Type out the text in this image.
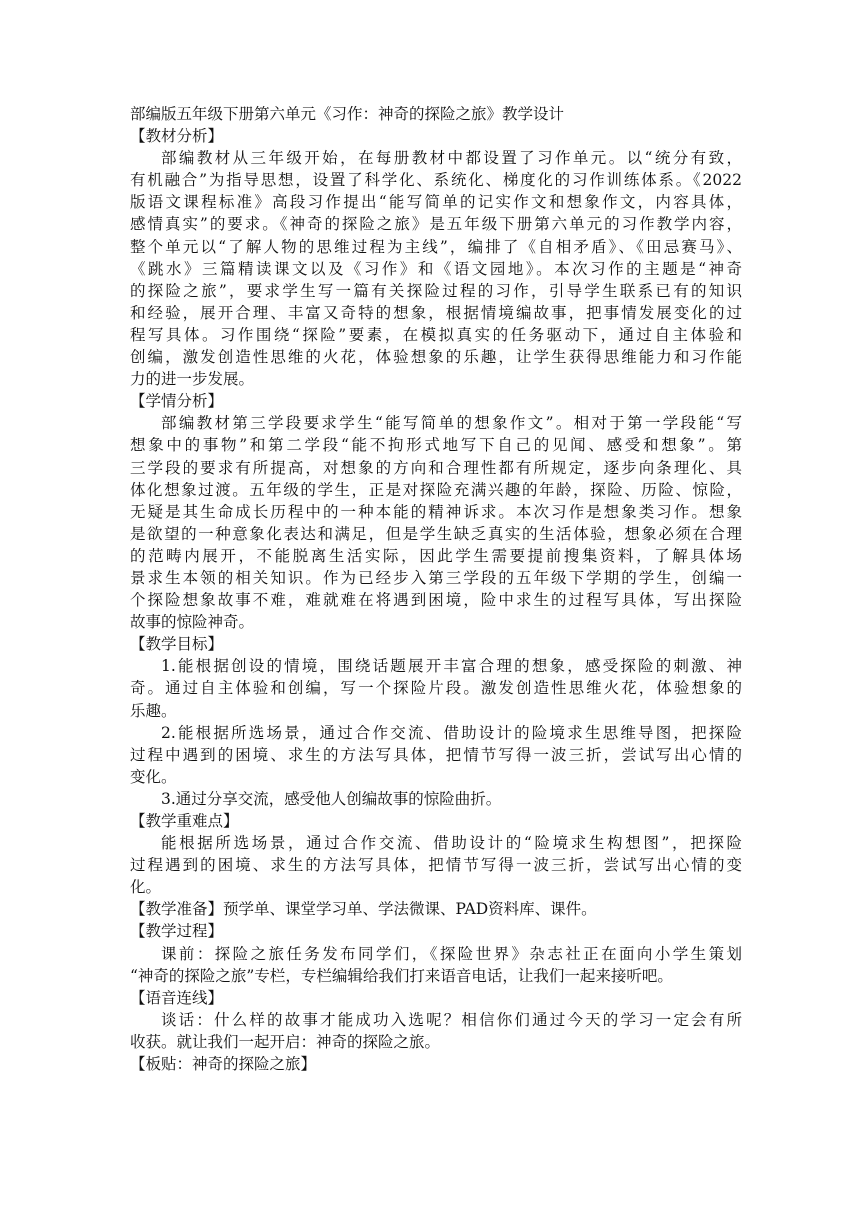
部编版五年级下册第六单元《习作：神奇的探险之旅》教学设计
【教材分析】
部编教材从三年级开始，在每册教材中都设置了习作单元。以“统分有致，
有机融合”为指导思想，设置了科学化、系统化、梯度化的习作训练体系。《2022
版语文课程标准》高段习作提出“能写简单的记实作文和想象作文，内容具体，
感情真实”的要求。《神奇的探险之旅》是五年级下册第六单元的习作教学内容，
整个单元以“了解人物的思维过程为主线”，编排了《自相矛盾》、《田忌赛马》、
《跳水》三篇精读课文以及《习作》和《语文园地》。本次习作的主题是“神奇
的探险之旅”，要求学生写一篇有关探险过程的习作，引导学生联系已有的知识
和经验，展开合理、丰富又奇特的想象，根据情境编故事，把事情发展变化的过
程写具体。习作围绕“探险”要素，在模拟真实的任务驱动下，通过自主体验和
创编，激发创造性思维的火花，体验想象的乐趣，让学生获得思维能力和习作能
力的进一步发展。
【学情分析】
部编教材第三学段要求学生“能写简单的想象作文”。相对于第一学段能“写
想象中的事物”和第二学段“能不拘形式地写下自己的见闻、感受和想象”。第
三学段的要求有所提高，对想象的方向和合理性都有所规定，逐步向条理化、具
体化想象过渡。五年级的学生，正是对探险充满兴趣的年龄，探险、历险、惊险，
无疑是其生命成长历程中的一种本能的精神诉求。本次习作是想象类习作。想象
是欲望的一种意象化表达和满足，但是学生缺乏真实的生活体验，想象必须在合理
的范畴内展开，不能脱离生活实际，因此学生需要提前搜集资料，了解具体场
景求生本领的相关知识。作为已经步入第三学段的五年级下学期的学生，创编一
个探险想象故事不难，难就难在将遇到困境，险中求生的过程写具体，写出探险
故事的惊险神奇。
【教学目标】
1.能根据创设的情境，围绕话题展开丰富合理的想象，感受探险的刺激、神
奇。通过自主体验和创编，写一个探险片段。激发创造性思维火花，体验想象的
乐趣。
2.能根据所选场景，通过合作交流、借助设计的险境求生思维导图，把探险
过程中遇到的困境、求生的方法写具体，把情节写得一波三折，尝试写出心情的
变化。
3.通过分享交流，感受他人创编故事的惊险曲折。
【教学重难点】
能根据所选场景，通过合作交流、借助设计的“险境求生构想图”，把探险
过程遇到的困境、求生的方法写具体，把情节写得一波三折，尝试写出心情的变
化。
【教学准备】预学单、课堂学习单、学法微课、PAD资料库、课件。
【教学过程】
课前：探险之旅任务发布同学们，《探险世界》杂志社正在面向小学生策划
“神奇的探险之旅”专栏，专栏编辑给我们打来语音电话，让我们一起来接听吧。
【语音连线】
谈话：什么样的故事才能成功入选呢？相信你们通过今天的学习一定会有所
收获。就让我们一起开启：神奇的探险之旅。
【板贴：神奇的探险之旅】
